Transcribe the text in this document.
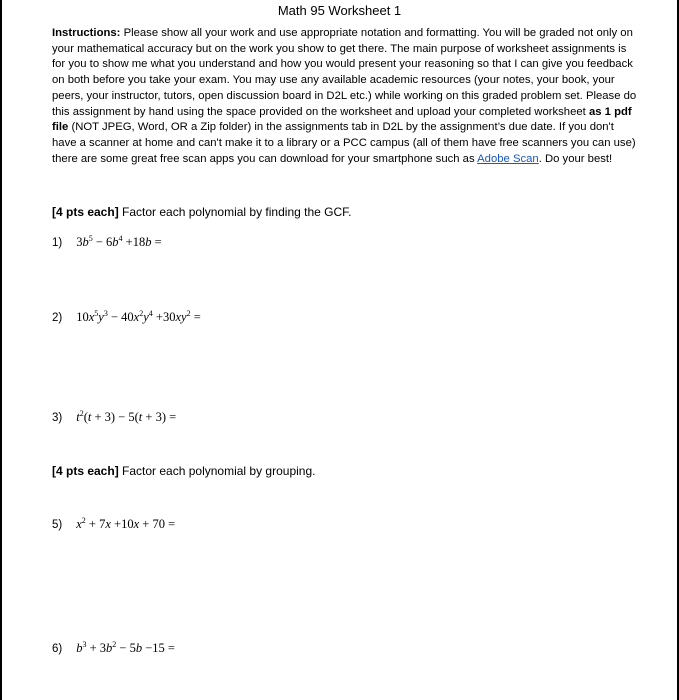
Math 95 Worksheet 1
Instructions: Please show all your work and use appropriate notation and formatting. You will be graded not only on your mathematical accuracy but on the work you show to get there. The main purpose of worksheet assignments is for you to show me what you understand and how you would present your reasoning so that I can give you feedback on both before you take your exam. You may use any available academic resources (your notes, your book, your peers, your instructor, tutors, open discussion board in D2L etc.) while working on this graded problem set. Please do this assignment by hand using the space provided on the worksheet and upload your completed worksheet as 1 pdf file (NOT JPEG, Word, OR a Zip folder) in the assignments tab in D2L by the assignment’s due date. If you don't have a scanner at home and can't make it to a library or a PCC campus (all of them have free scanners you can use) there are some great free scan apps you can download for your smartphone such as Adobe Scan. Do your best!
[4 pts each] Factor each polynomial by finding the GCF.
1) $3b^5 - 6b^4 +18b$ =
2) $10x^5y^3 - 40x^2y^4 +30xy^2$ =
3) $t^2(t + 3) - 5(t + 3)$ =
[4 pts each] Factor each polynomial by grouping.
5) $x^2 + 7x +10x + 70$ =
6) $b^3 + 3b^2 - 5b -15$ =
